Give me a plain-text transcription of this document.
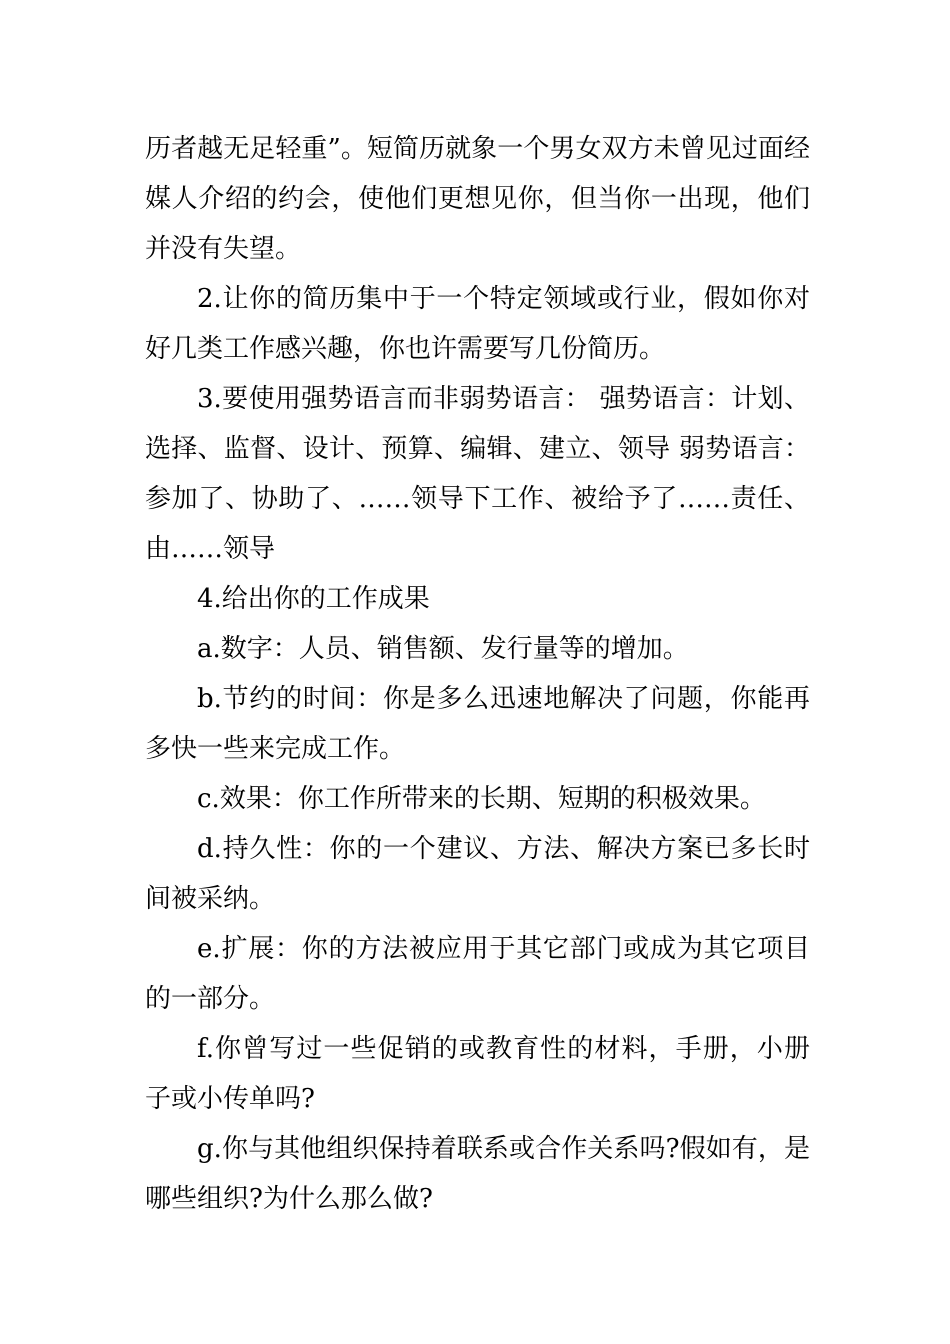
历者越无足轻重”。短简历就象一个男女双方未曾见过面经媒人介绍的约会，使他们更想见你，但当你一出现，他们并没有失望。

2.让你的简历集中于一个特定领域或行业，假如你对好几类工作感兴趣，你也许需要写几份简历。

3.要使用强势语言而非弱势语言： 强势语言：计划、选择、监督、设计、预算、编辑、建立、领导 弱势语言：参加了、协助了、……领导下工作、被给予了……责任、由……领导

4.给出你的工作成果

a.数字：人员、销售额、发行量等的增加。

b.节约的时间：你是多么迅速地解决了问题，你能再多快一些来完成工作。

c.效果：你工作所带来的长期、短期的积极效果。

d.持久性：你的一个建议、方法、解决方案已多长时间被采纳。

e.扩展：你的方法被应用于其它部门或成为其它项目的一部分。

f.你曾写过一些促销的或教育性的材料，手册，小册子或小传单吗?

g.你与其他组织保持着联系或合作关系吗?假如有，是哪些组织?为什么那么做?
